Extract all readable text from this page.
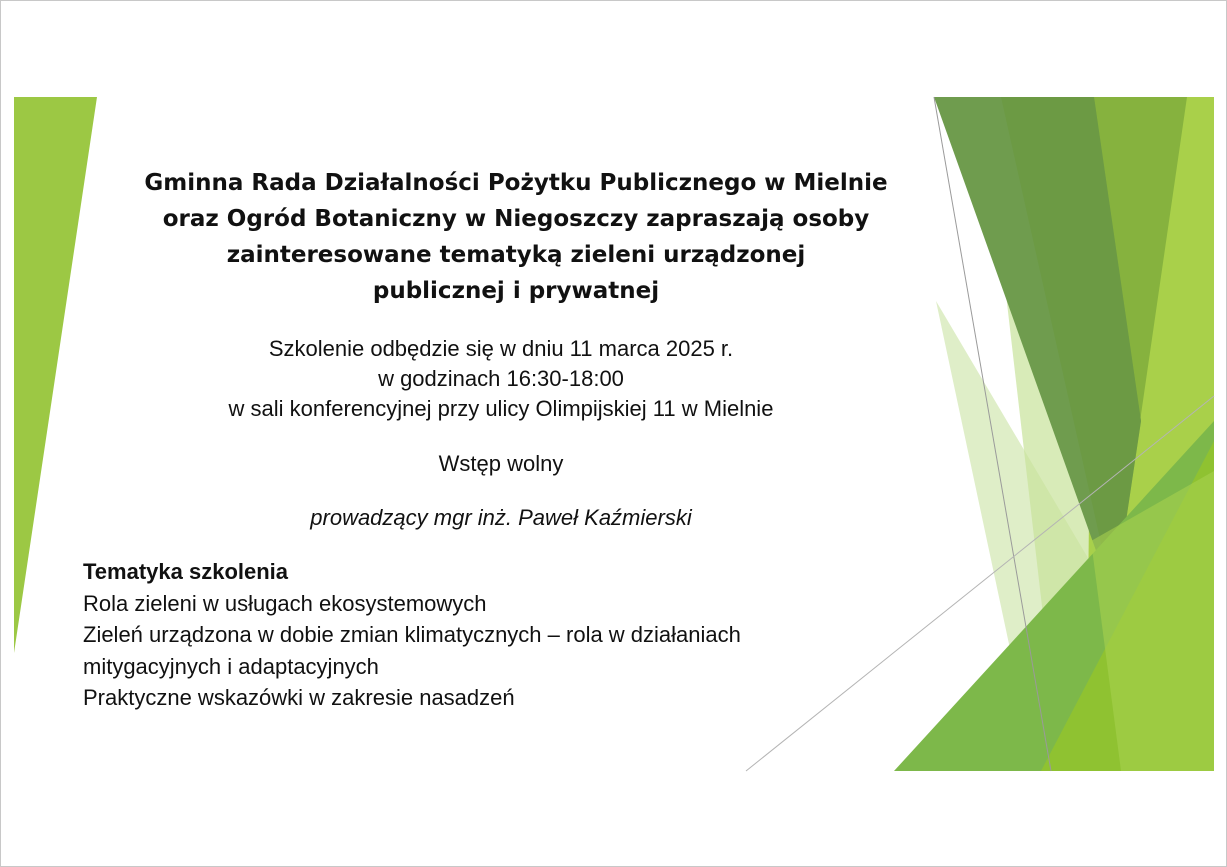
Gminna Rada Działalności Pożytku Publicznego w Mielnie
oraz Ogród Botaniczny w Niegoszczy zapraszają osoby
zainteresowane tematyką zieleni urządzonej
publicznej i prywatnej
Szkolenie odbędzie się w dniu 11 marca 2025 r.
w godzinach 16:30-18:00
w sali konferencyjnej przy ulicy Olimpijskiej 11 w Mielnie
Wstęp wolny
prowadzący mgr inż. Paweł Kaźmierski
Tematyka szkolenia
Rola zieleni w usługach ekosystemowych
Zieleń urządzona w dobie zmian klimatycznych – rola w działaniach
mitygacyjnych i adaptacyjnych
Praktyczne wskazówki w zakresie nasadzeń
